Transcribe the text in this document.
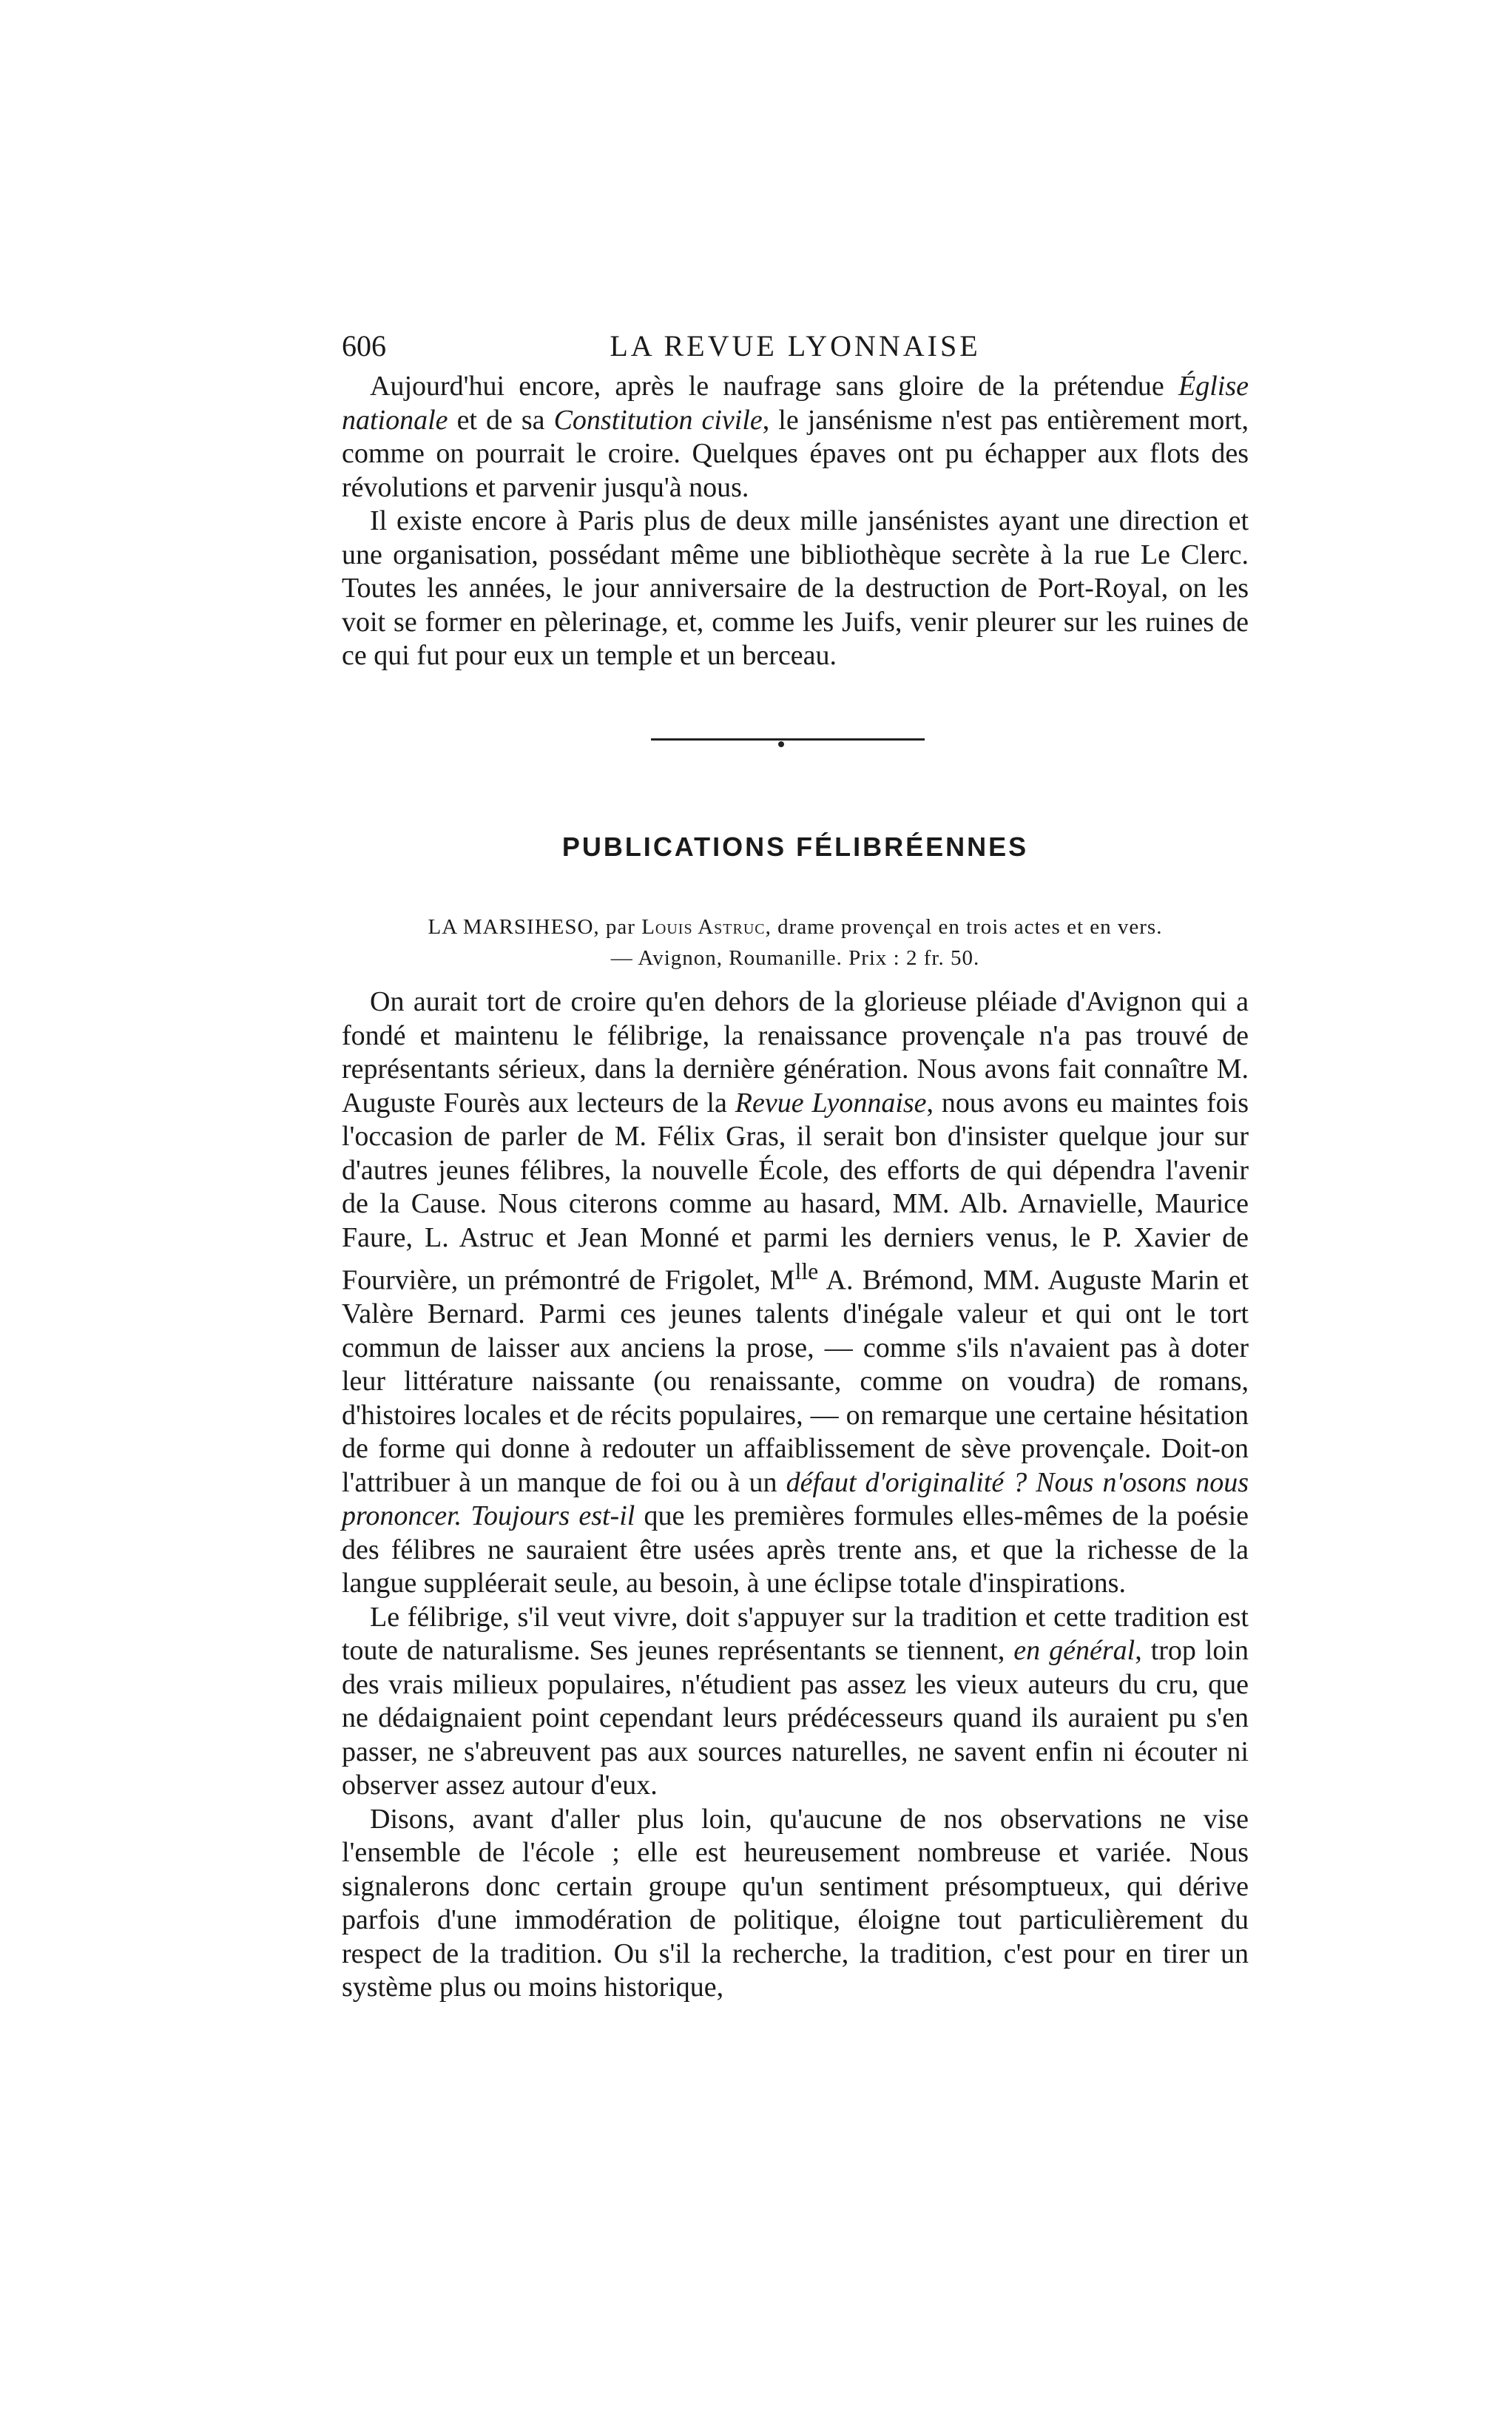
606	LA REVUE LYONNAISE

Aujourd'hui encore, après le naufrage sans gloire de la prétendue Église nationale et de sa Constitution civile, le jansénisme n'est pas entièrement mort, comme on pourrait le croire. Quelques épaves ont pu échapper aux flots des révolutions et parvenir jusqu'à nous.

Il existe encore à Paris plus de deux mille jansénistes ayant une direction et une organisation, possédant même une bibliothèque secrète à la rue Le Clerc. Toutes les années, le jour anniversaire de la destruction de Port-Royal, on les voit se former en pèlerinage, et, comme les Juifs, venir pleurer sur les ruines de ce qui fut pour eux un temple et un berceau.

PUBLICATIONS FÉLIBRÉENNES
LA MARSIHESO, par Louis Astruc, drame provençal en trois actes et en vers.
— Avignon, Roumanille. Prix : 2 fr. 50.

On aurait tort de croire qu'en dehors de la glorieuse pléiade d'Avignon qui a fondé et maintenu le félibrige, la renaissance provençale n'a pas trouvé de représentants sérieux, dans la dernière génération. Nous avons fait connaître M. Auguste Fourès aux lecteurs de la Revue Lyonnaise, nous avons eu maintes fois l'occasion de parler de M. Félix Gras, il serait bon d'insister quelque jour sur d'autres jeunes félibres, la nouvelle École, des efforts de qui dépendra l'avenir de la Cause. Nous citerons comme au hasard, MM. Alb. Arnavielle, Maurice Faure, L. Astruc et Jean Monné et parmi les derniers venus, le P. Xavier de Fourvière, un prémontré de Frigolet, $M^{lle}$ A. Brémond, MM. Auguste Marin et Valère Bernard. Parmi ces jeunes talents d'inégale valeur et qui ont le tort commun de laisser aux anciens la prose, — comme s'ils n'avaient pas à doter leur littérature naissante (ou renaissante, comme on voudra) de romans, d'histoires locales et de récits populaires, — on remarque une certaine hésitation de forme qui donne à redouter un affaiblissement de sève provençale. Doit-on l'attribuer à un manque de foi ou à un défaut d'originalité ? Nous n'osons nous prononcer. Toujours est-il que les premières formules elles-mêmes de la poésie des félibres ne sauraient être usées après trente ans, et que la richesse de la langue suppléerait seule, au besoin, à une éclipse totale d'inspirations.

Le félibrige, s'il veut vivre, doit s'appuyer sur la tradition et cette tradition est toute de naturalisme. Ses jeunes représentants se tiennent, en général, trop loin des vrais milieux populaires, n'étudient pas assez les vieux auteurs du cru, que ne dédaignaient point cependant leurs prédécesseurs quand ils auraient pu s'en passer, ne s'abreuvent pas aux sources naturelles, ne savent enfin ni écouter ni observer assez autour d'eux.

Disons, avant d'aller plus loin, qu'aucune de nos observations ne vise l'ensemble de l'école ; elle est heureusement nombreuse et variée. Nous signalerons donc certain groupe qu'un sentiment présomptueux, qui dérive parfois d'une immodération de politique, éloigne tout particulièrement du respect de la tradition. Ou s'il la recherche, la tradition, c'est pour en tirer un système plus ou moins historique,
